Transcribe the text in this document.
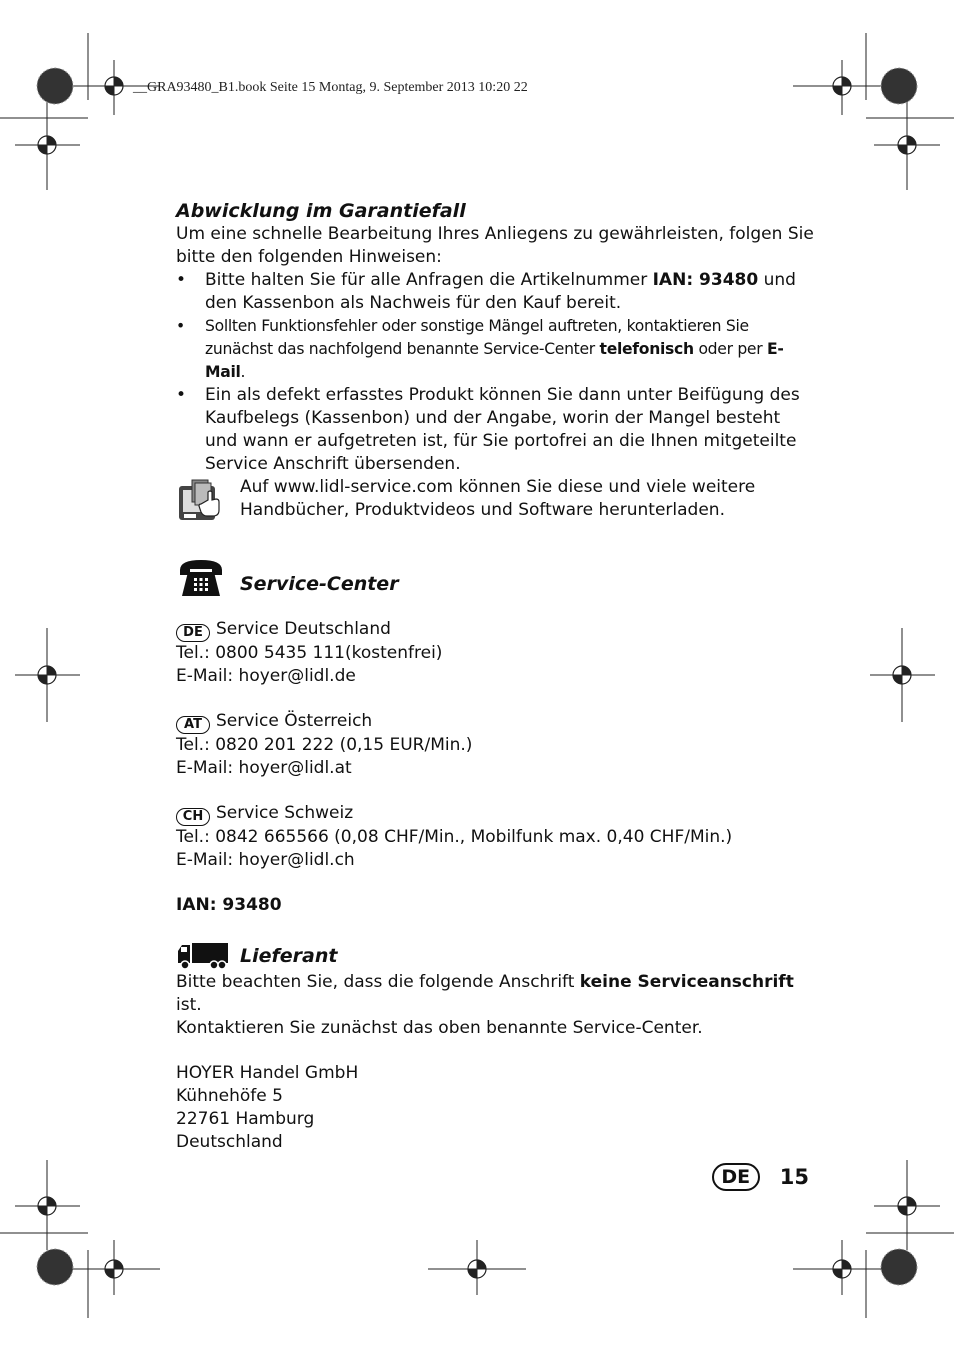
__GRA93480_B1.book Seite 15 Montag, 9. September 2013 10:20 22
Abwicklung im Garantiefall

Um eine schnelle Bearbeitung Ihres Anliegens zu gewährleisten, folgen Sie bitte den folgenden Hinweisen:

• Bitte halten Sie für alle Anfragen die Artikelnummer IAN: 93480 und den Kassenbon als Nachweis für den Kauf bereit.

• Sollten Funktionsfehler oder sonstige Mängel auftreten, kontaktieren Sie zunächst das nachfolgend benannte Service-Center telefonisch oder per E-Mail.

• Ein als defekt erfasstes Produkt können Sie dann unter Beifügung des Kaufbelegs (Kassenbon) und der Angabe, worin der Mangel besteht und wann er aufgetreten ist, für Sie portofrei an die Ihnen mitgeteilte Service Anschrift übersenden.

Auf www.lidl-service.com können Sie diese und viele weitere Handbücher, Produktvideos und Software herunterladen.

Service-Center
DE Service Deutschland
Tel.: 0800 5435 111(kostenfrei)
E-Mail: hoyer@lidl.de
AT Service Österreich
Tel.: 0820 201 222 (0,15 EUR/Min.)
E-Mail: hoyer@lidl.at
CH Service Schweiz
Tel.: 0842 665566 (0,08 CHF/Min., Mobilfunk max. 0,40 CHF/Min.)
E-Mail: hoyer@lidl.ch
IAN: 93480
Lieferant

Bitte beachten Sie, dass die folgende Anschrift keine Serviceanschrift ist.

Kontaktieren Sie zunächst das oben benannte Service-Center.

HOYER Handel GmbH
Kühnehöfe 5
22761 Hamburg
Deutschland
DE	15
